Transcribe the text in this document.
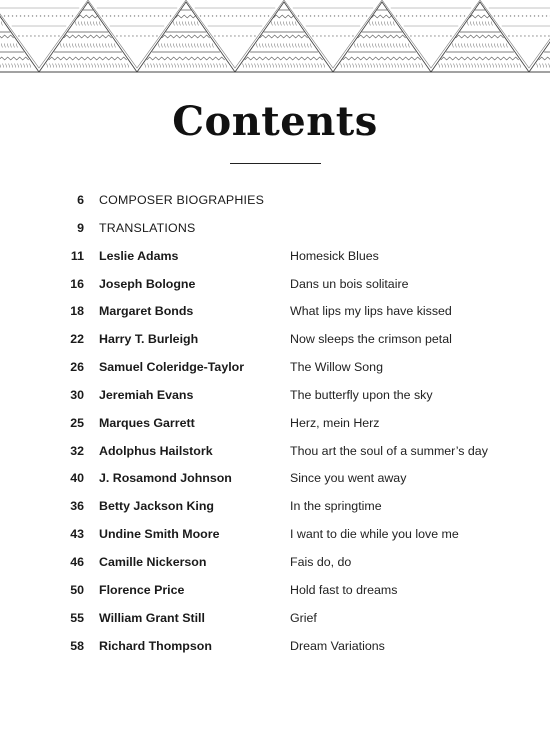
Contents
6 COMPOSER BIOGRAPHIES
9 TRANSLATIONS
11 Leslie Adams	Homesick Blues
16 Joseph Bologne	Dans un bois solitaire
18 Margaret Bonds	What lips my lips have kissed
22 Harry T. Burleigh	Now sleeps the crimson petal
26 Samuel Coleridge-Taylor	The Willow Song
30 Jeremiah Evans	The butterfly upon the sky
25 Marques Garrett	Herz, mein Herz
32 Adolphus Hailstork	Thou art the soul of a summer’s day
40 J. Rosamond Johnson	Since you went away
36 Betty Jackson King	In the springtime
43 Undine Smith Moore	I want to die while you love me
46 Camille Nickerson	Fais do, do
50 Florence Price	Hold fast to dreams
55 William Grant Still	Grief
58 Richard Thompson	Dream Variations
